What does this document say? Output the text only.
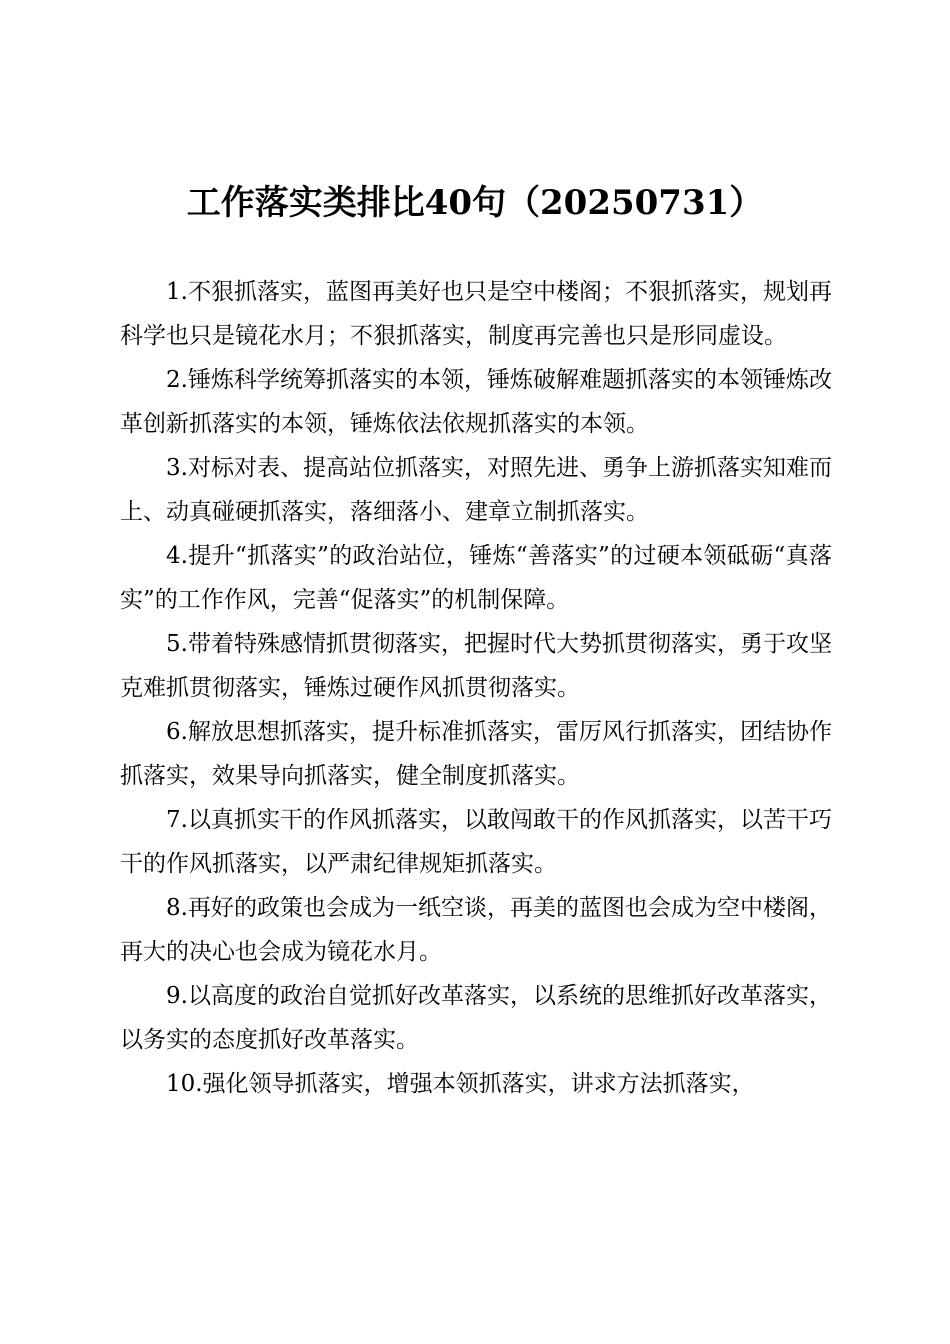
工作落实类排比40句（20250731）

1.不狠抓落实，蓝图再美好也只是空中楼阁；不狠抓落实，规划再科学也只是镜花水月；不狠抓落实，制度再完善也只是形同虚设。

2.锤炼科学统筹抓落实的本领，锤炼破解难题抓落实的本领锤炼改革创新抓落实的本领，锤炼依法依规抓落实的本领。

3.对标对表、提高站位抓落实，对照先进、勇争上游抓落实知难而上、动真碰硬抓落实，落细落小、建章立制抓落实。

4.提升“抓落实”的政治站位，锤炼“善落实”的过硬本领砥砺“真落实”的工作作风，完善“促落实”的机制保障。

5.带着特殊感情抓贯彻落实，把握时代大势抓贯彻落实，勇于攻坚克难抓贯彻落实，锤炼过硬作风抓贯彻落实。

6.解放思想抓落实，提升标准抓落实，雷厉风行抓落实，团结协作抓落实，效果导向抓落实，健全制度抓落实。

7.以真抓实干的作风抓落实，以敢闯敢干的作风抓落实，以苦干巧干的作风抓落实，以严肃纪律规矩抓落实。

8.再好的政策也会成为一纸空谈，再美的蓝图也会成为空中楼阁，再大的决心也会成为镜花水月。

9.以高度的政治自觉抓好改革落实，以系统的思维抓好改革落实，以务实的态度抓好改革落实。

10.强化领导抓落实，增强本领抓落实，讲求方法抓落实，
